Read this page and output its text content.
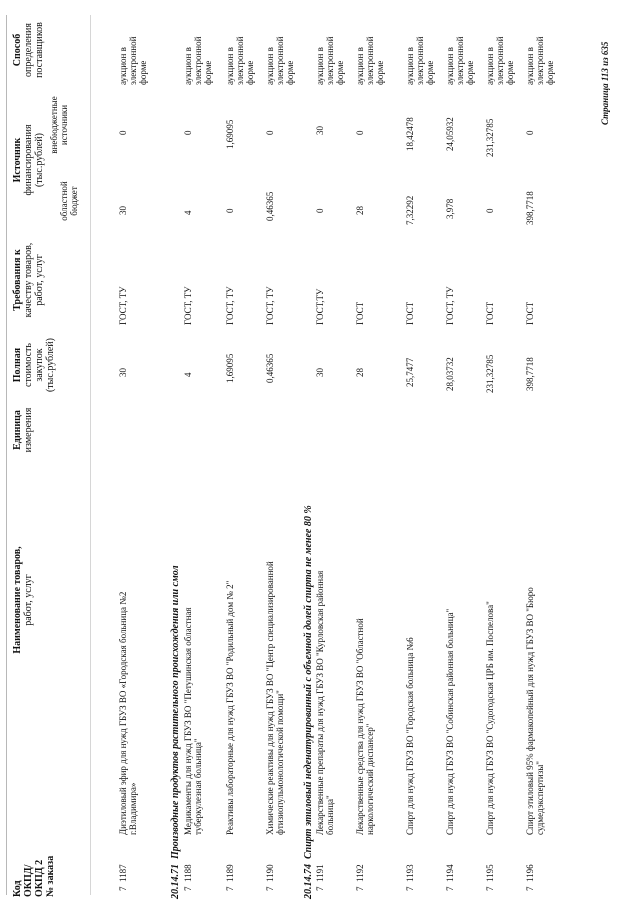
Код ОКПД/ ОКПД 2 № заказа
Наименование товаров, работ, услуг
Единица измерения
Полная стоимость закупок (тыс.рублей)
Требования к качеству товаров, работ, услуг
Источник финансирования (тыс.рублей)
областной бюджет
внебюджетные источники
Способ определения поставщиков
7  1187
Диэтиловый эфир для нужд ГБУЗ ВО «Городская больница №2 г.Владимира»
30
ГОСТ, ТУ
30
0
аукцион в электронной форме
20.14.71  Производные продуктов растительного происхождения или смол
7  1188
Медикаменты для нужд ГБУЗ ВО "Петушинская областная туберкулезная больница"
4
ГОСТ, ТУ
4
0
аукцион в электронной форме
7  1189
Реактивы лабораторные для нужд ГБУЗ ВО "Родильный дом № 2"
1,69095
ГОСТ, ТУ
0
1,69095
аукцион в электронной форме
7  1190
Химические реактивы для нужд ГБУЗ ВО "Центр специализированной фтизиопульмонологической помощи"
0,46365
ГОСТ, ТУ
0,46365
0
аукцион в электронной форме
20.14.74  Спирт этиловый неденатурированный с объемной долей спирта не менее 80 %
7  1191
Лекарственные препараты для нужд ГБУЗ ВО "Курловская районная больница"
30
ГОСТ,ТУ
0
30
аукцион в электронной форме
7  1192
Лекарственные средства для нужд ГБУЗ ВО "Областной наркологический диспансер"
28
ГОСТ
28
0
аукцион в электронной форме
7  1193
Спирт для нужд ГБУЗ ВО "Городская больница №6
25,7477
ГОСТ
7,32292
18,42478
аукцион в электронной форме
7  1194
Спирт для нужд ГБУЗ ВО "Собинская районная больница"
28,03732
ГОСТ, ТУ
3,978
24,05932
аукцион в электронной форме
7  1195
Спирт для нужд ГБУЗ ВО "Судогодская ЦРБ им. Поспелова"
231,32785
ГОСТ
0
231,32785
аукцион в электронной форме
7  1196
Спирт этиловый 95% фармакопейный для нужд ГБУЗ ВО "Бюро судмедэкспертизы"
398,7718
ГОСТ
398,7718
0
аукцион в электронной форме	Страница 113 из 635
